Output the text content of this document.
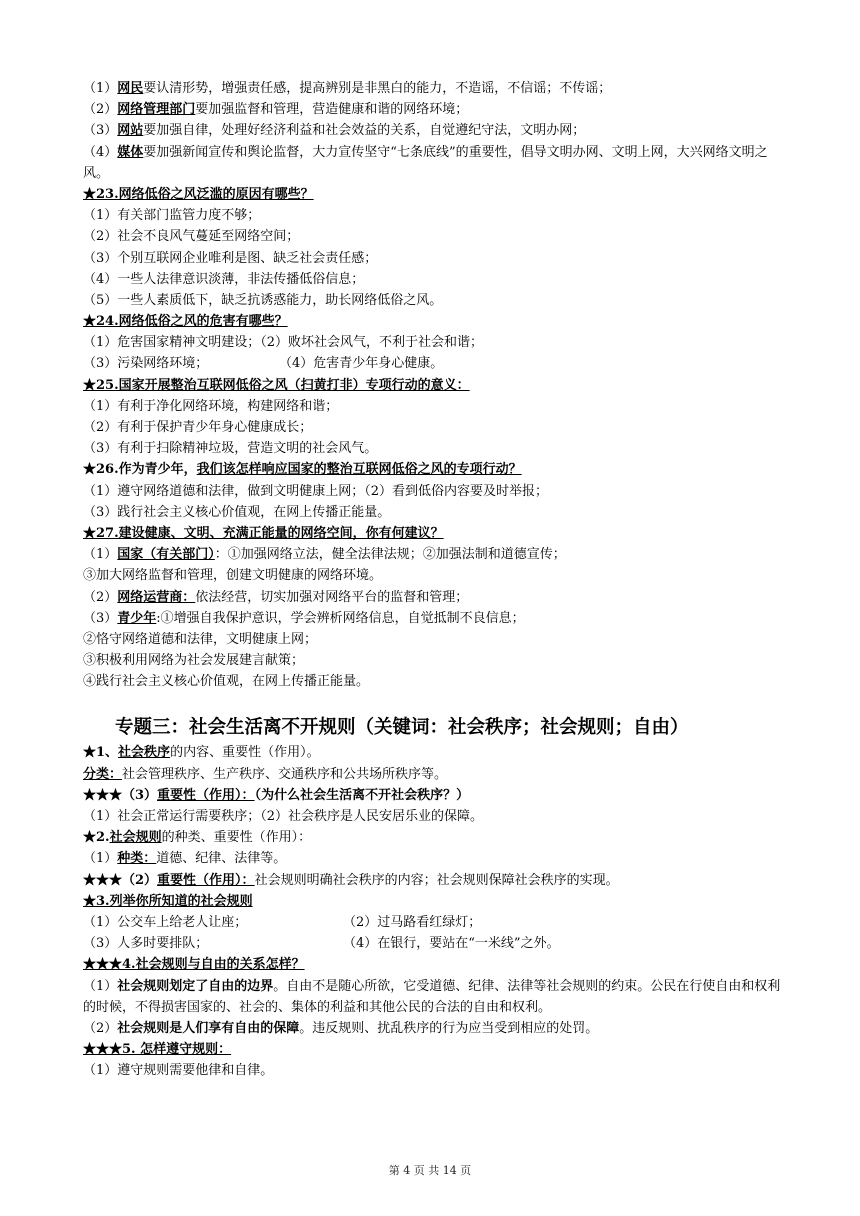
（1）网民要认清形势，增强责任感，提高辨别是非黑白的能力，不造谣，不信谣；不传谣；
（2）网络管理部门要加强监督和管理，营造健康和谐的网络环境；
（3）网站要加强自律，处理好经济利益和社会效益的关系，自觉遵纪守法，文明办网；
（4）媒体要加强新闻宣传和舆论监督，大力宣传坚守“七条底线”的重要性，倡导文明办网、文明上网，大兴网络文明之风。
★23.网络低俗之风泛滥的原因有哪些？
（1）有关部门监管力度不够；
（2）社会不良风气蔓延至网络空间；
（3）个别互联网企业唯利是图、缺乏社会责任感；
（4）一些人法律意识淡薄，非法传播低俗信息；
（5）一些人素质低下，缺乏抗诱惑能力，助长网络低俗之风。
★24.网络低俗之风的危害有哪些？
（1）危害国家精神文明建设；（2）败坏社会风气，不利于社会和谐；
（3）污染网络环境；	（4）危害青少年身心健康。
★25.国家开展整治互联网低俗之风（扫黄打非）专项行动的意义：
（1）有利于净化网络环境，构建网络和谐；
（2）有利于保护青少年身心健康成长；
（3）有利于扫除精神垃圾，营造文明的社会风气。
★26.作为青少年，我们该怎样响应国家的整治互联网低俗之风的专项行动？
（1）遵守网络道德和法律，做到文明健康上网；（2）看到低俗内容要及时举报；
（3）践行社会主义核心价值观，在网上传播正能量。
★27.建设健康、文明、充满正能量的网络空间，你有何建议？
（1）国家（有关部门）：①加强网络立法，健全法律法规；②加强法制和道德宣传；
③加大网络监督和管理，创建文明健康的网络环境。
（2）网络运营商：依法经营，切实加强对网络平台的监督和管理；
（3）青少年:①增强自我保护意识，学会辨析网络信息，自觉抵制不良信息；
②恪守网络道德和法律，文明健康上网；
③积极利用网络为社会发展建言献策；
④践行社会主义核心价值观，在网上传播正能量。
专题三：社会生活离不开规则（关键词：社会秩序；社会规则；自由）
★1、社会秩序的内容、重要性（作用）。
分类：社会管理秩序、生产秩序、交通秩序和公共场所秩序等。
★★★（3）重要性（作用）：（为什么社会生活离不开社会秩序？）
（1）社会正常运行需要秩序；（2）社会秩序是人民安居乐业的保障。
★2.社会规则的种类、重要性（作用）：
（1）种类：道德、纪律、法律等。
★★★（2）重要性（作用）：社会规则明确社会秩序的内容；社会规则保障社会秩序的实现。
★3.列举你所知道的社会规则
（1）公交车上给老人让座；	（2）过马路看红绿灯；
（3）人多时要排队；	（4）在银行，要站在“一米线”之外。
★★★4.社会规则与自由的关系怎样？
（1）社会规则划定了自由的边界。自由不是随心所欲，它受道德、纪律、法律等社会规则的约束。公民在行使自由和权利的时候，不得损害国家的、社会的、集体的利益和其他公民的合法的自由和权利。
（2）社会规则是人们享有自由的保障。违反规则、扰乱秩序的行为应当受到相应的处罚。
★★★5. 怎样遵守规则：
（1）遵守规则需要他律和自律。
第 4 页 共 14 页
